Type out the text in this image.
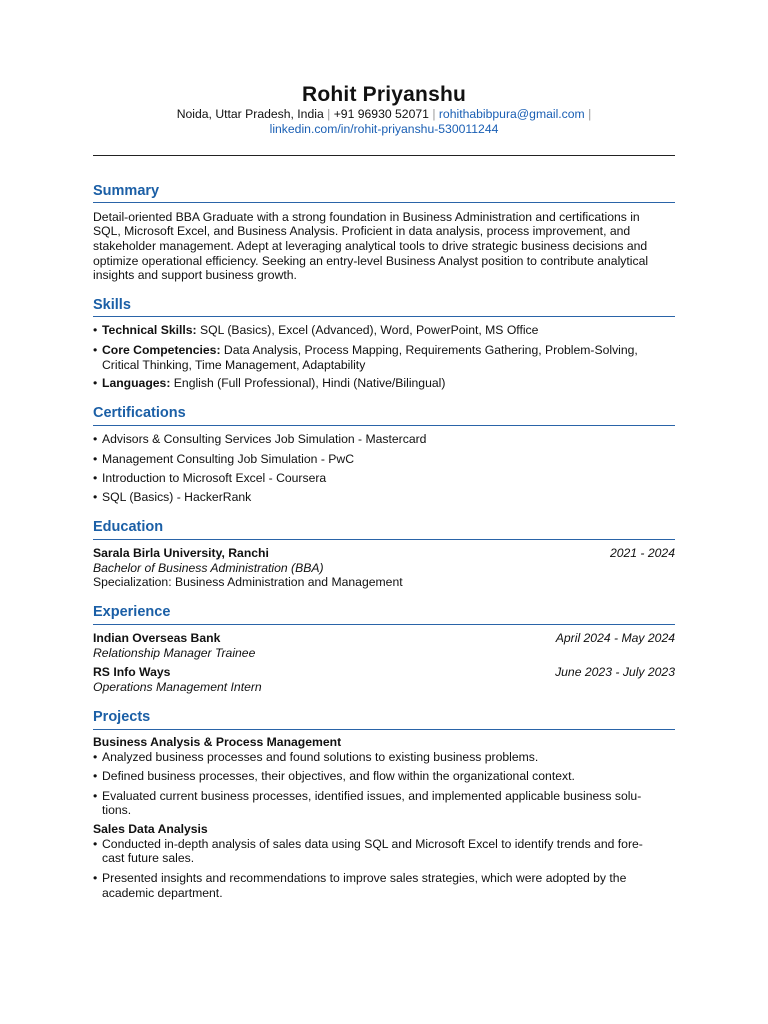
Rohit Priyanshu
Noida, Uttar Pradesh, India | +91 96930 52071 | rohithabibpura@gmail.com |
linkedin.com/in/rohit-priyanshu-530011244
Summary
Detail-oriented BBA Graduate with a strong foundation in Business Administration and certifications in
SQL, Microsoft Excel, and Business Analysis. Proficient in data analysis, process improvement, and
stakeholder management. Adept at leveraging analytical tools to drive strategic business decisions and
optimize operational efficiency. Seeking an entry-level Business Analyst position to contribute analytical
insights and support business growth.
Skills
• Technical Skills: SQL (Basics), Excel (Advanced), Word, PowerPoint, MS Office
• Core Competencies: Data Analysis, Process Mapping, Requirements Gathering, Problem-Solving,
Critical Thinking, Time Management, Adaptability
• Languages: English (Full Professional), Hindi (Native/Bilingual)
Certifications
• Advisors & Consulting Services Job Simulation - Mastercard
• Management Consulting Job Simulation - PwC
• Introduction to Microsoft Excel - Coursera
• SQL (Basics) - HackerRank
Education
Sarala Birla University, Ranchi	2021 - 2024
Bachelor of Business Administration (BBA)
Specialization: Business Administration and Management
Experience
Indian Overseas Bank	April 2024 - May 2024
Relationship Manager Trainee
RS Info Ways	June 2023 - July 2023
Operations Management Intern
Projects
Business Analysis & Process Management
• Analyzed business processes and found solutions to existing business problems.
• Defined business processes, their objectives, and flow within the organizational context.
• Evaluated current business processes, identified issues, and implemented applicable business solu-
tions.
Sales Data Analysis
• Conducted in-depth analysis of sales data using SQL and Microsoft Excel to identify trends and fore-
cast future sales.
• Presented insights and recommendations to improve sales strategies, which were adopted by the
academic department.
